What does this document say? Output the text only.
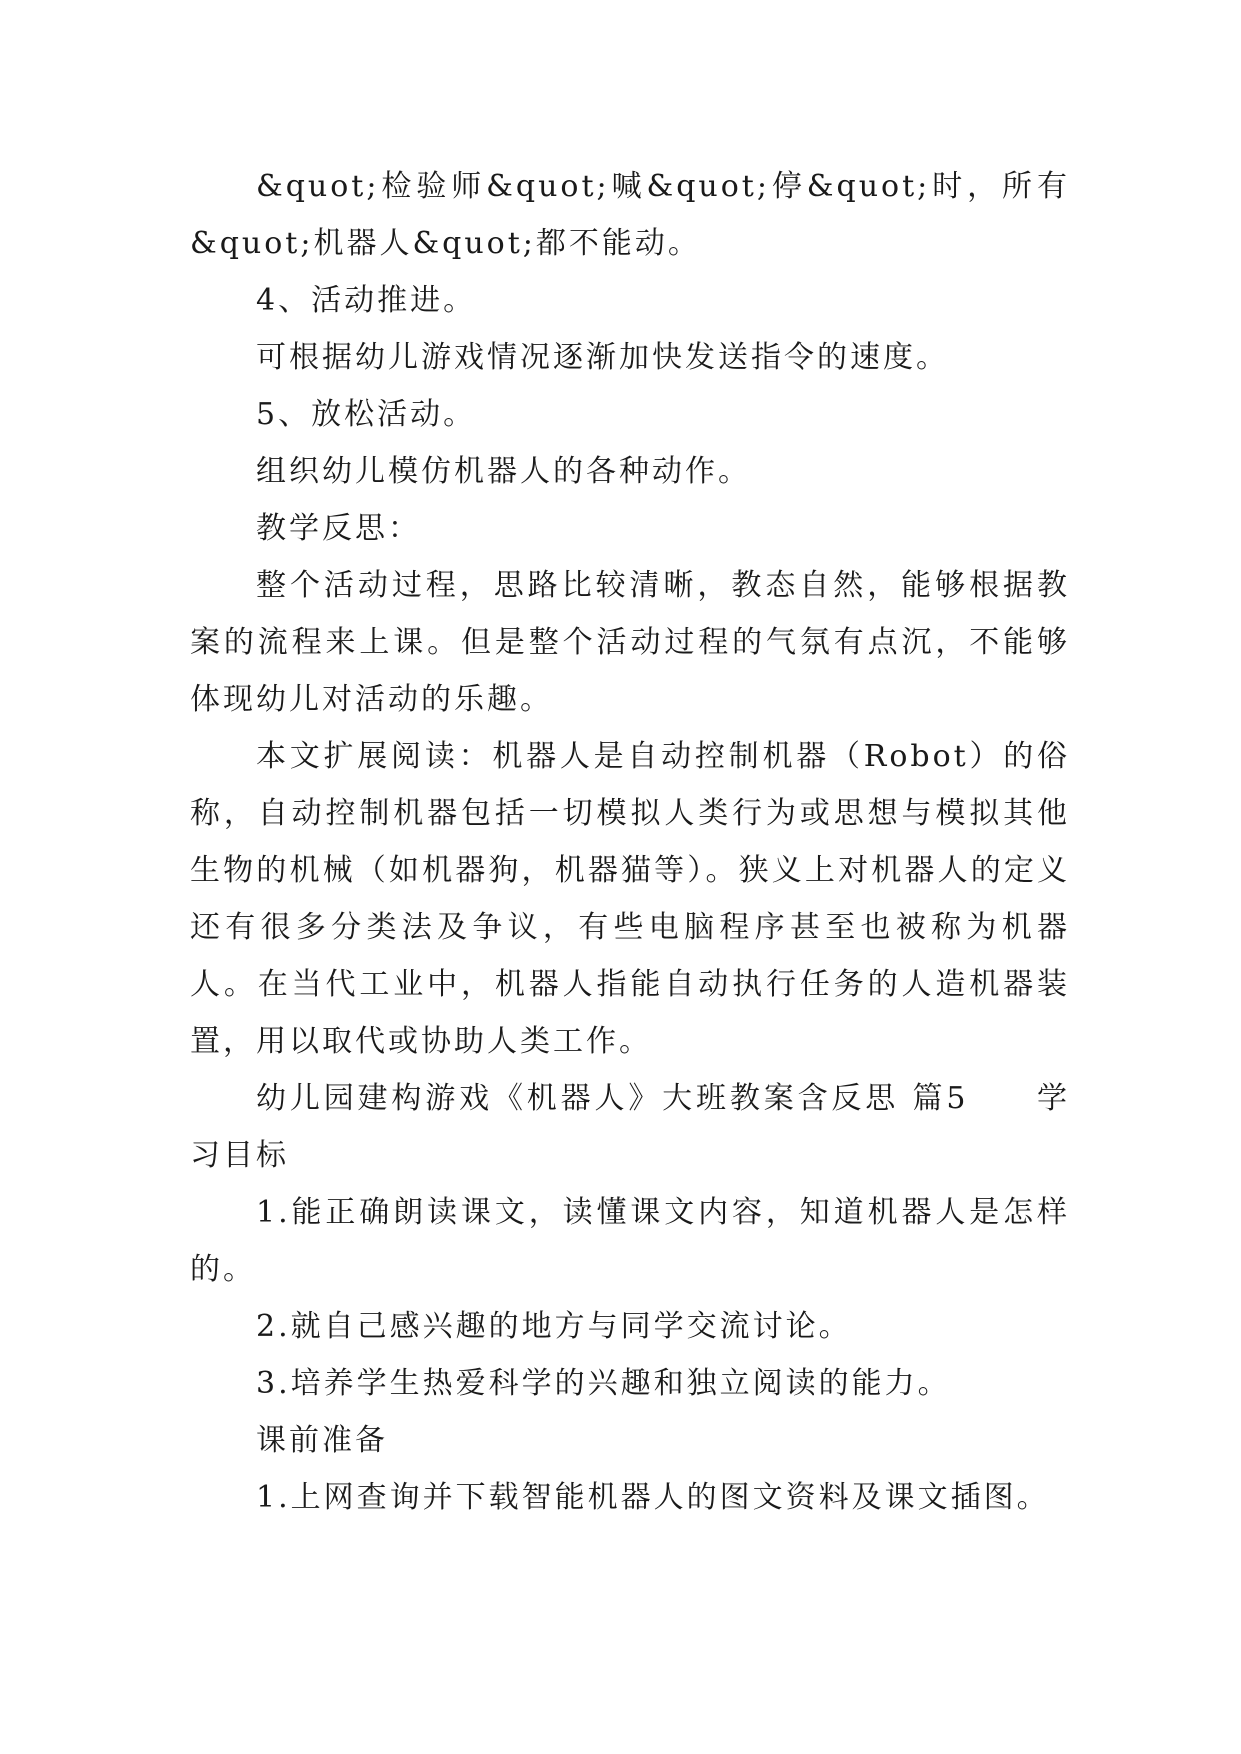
&quot;检验师&quot;喊&quot;停&quot;时，所有&quot;机器人&quot;都不能动。

4、活动推进。

可根据幼儿游戏情况逐渐加快发送指令的速度。

5、放松活动。

组织幼儿模仿机器人的各种动作。

教学反思：

整个活动过程，思路比较清晰，教态自然，能够根据教案的流程来上课。但是整个活动过程的气氛有点沉，不能够体现幼儿对活动的乐趣。

本文扩展阅读：机器人是自动控制机器（Robot）的俗称，自动控制机器包括一切模拟人类行为或思想与模拟其他生物的机械（如机器狗，机器猫等）。狭义上对机器人的定义还有很多分类法及争议，有些电脑程序甚至也被称为机器人。在当代工业中，机器人指能自动执行任务的人造机器装置，用以取代或协助人类工作。

幼儿园建构游戏《机器人》大班教案含反思 篇5　　学习目标

1.能正确朗读课文，读懂课文内容，知道机器人是怎样的。

2.就自己感兴趣的地方与同学交流讨论。

3.培养学生热爱科学的兴趣和独立阅读的能力。

课前准备

1.上网查询并下载智能机器人的图文资料及课文插图。
